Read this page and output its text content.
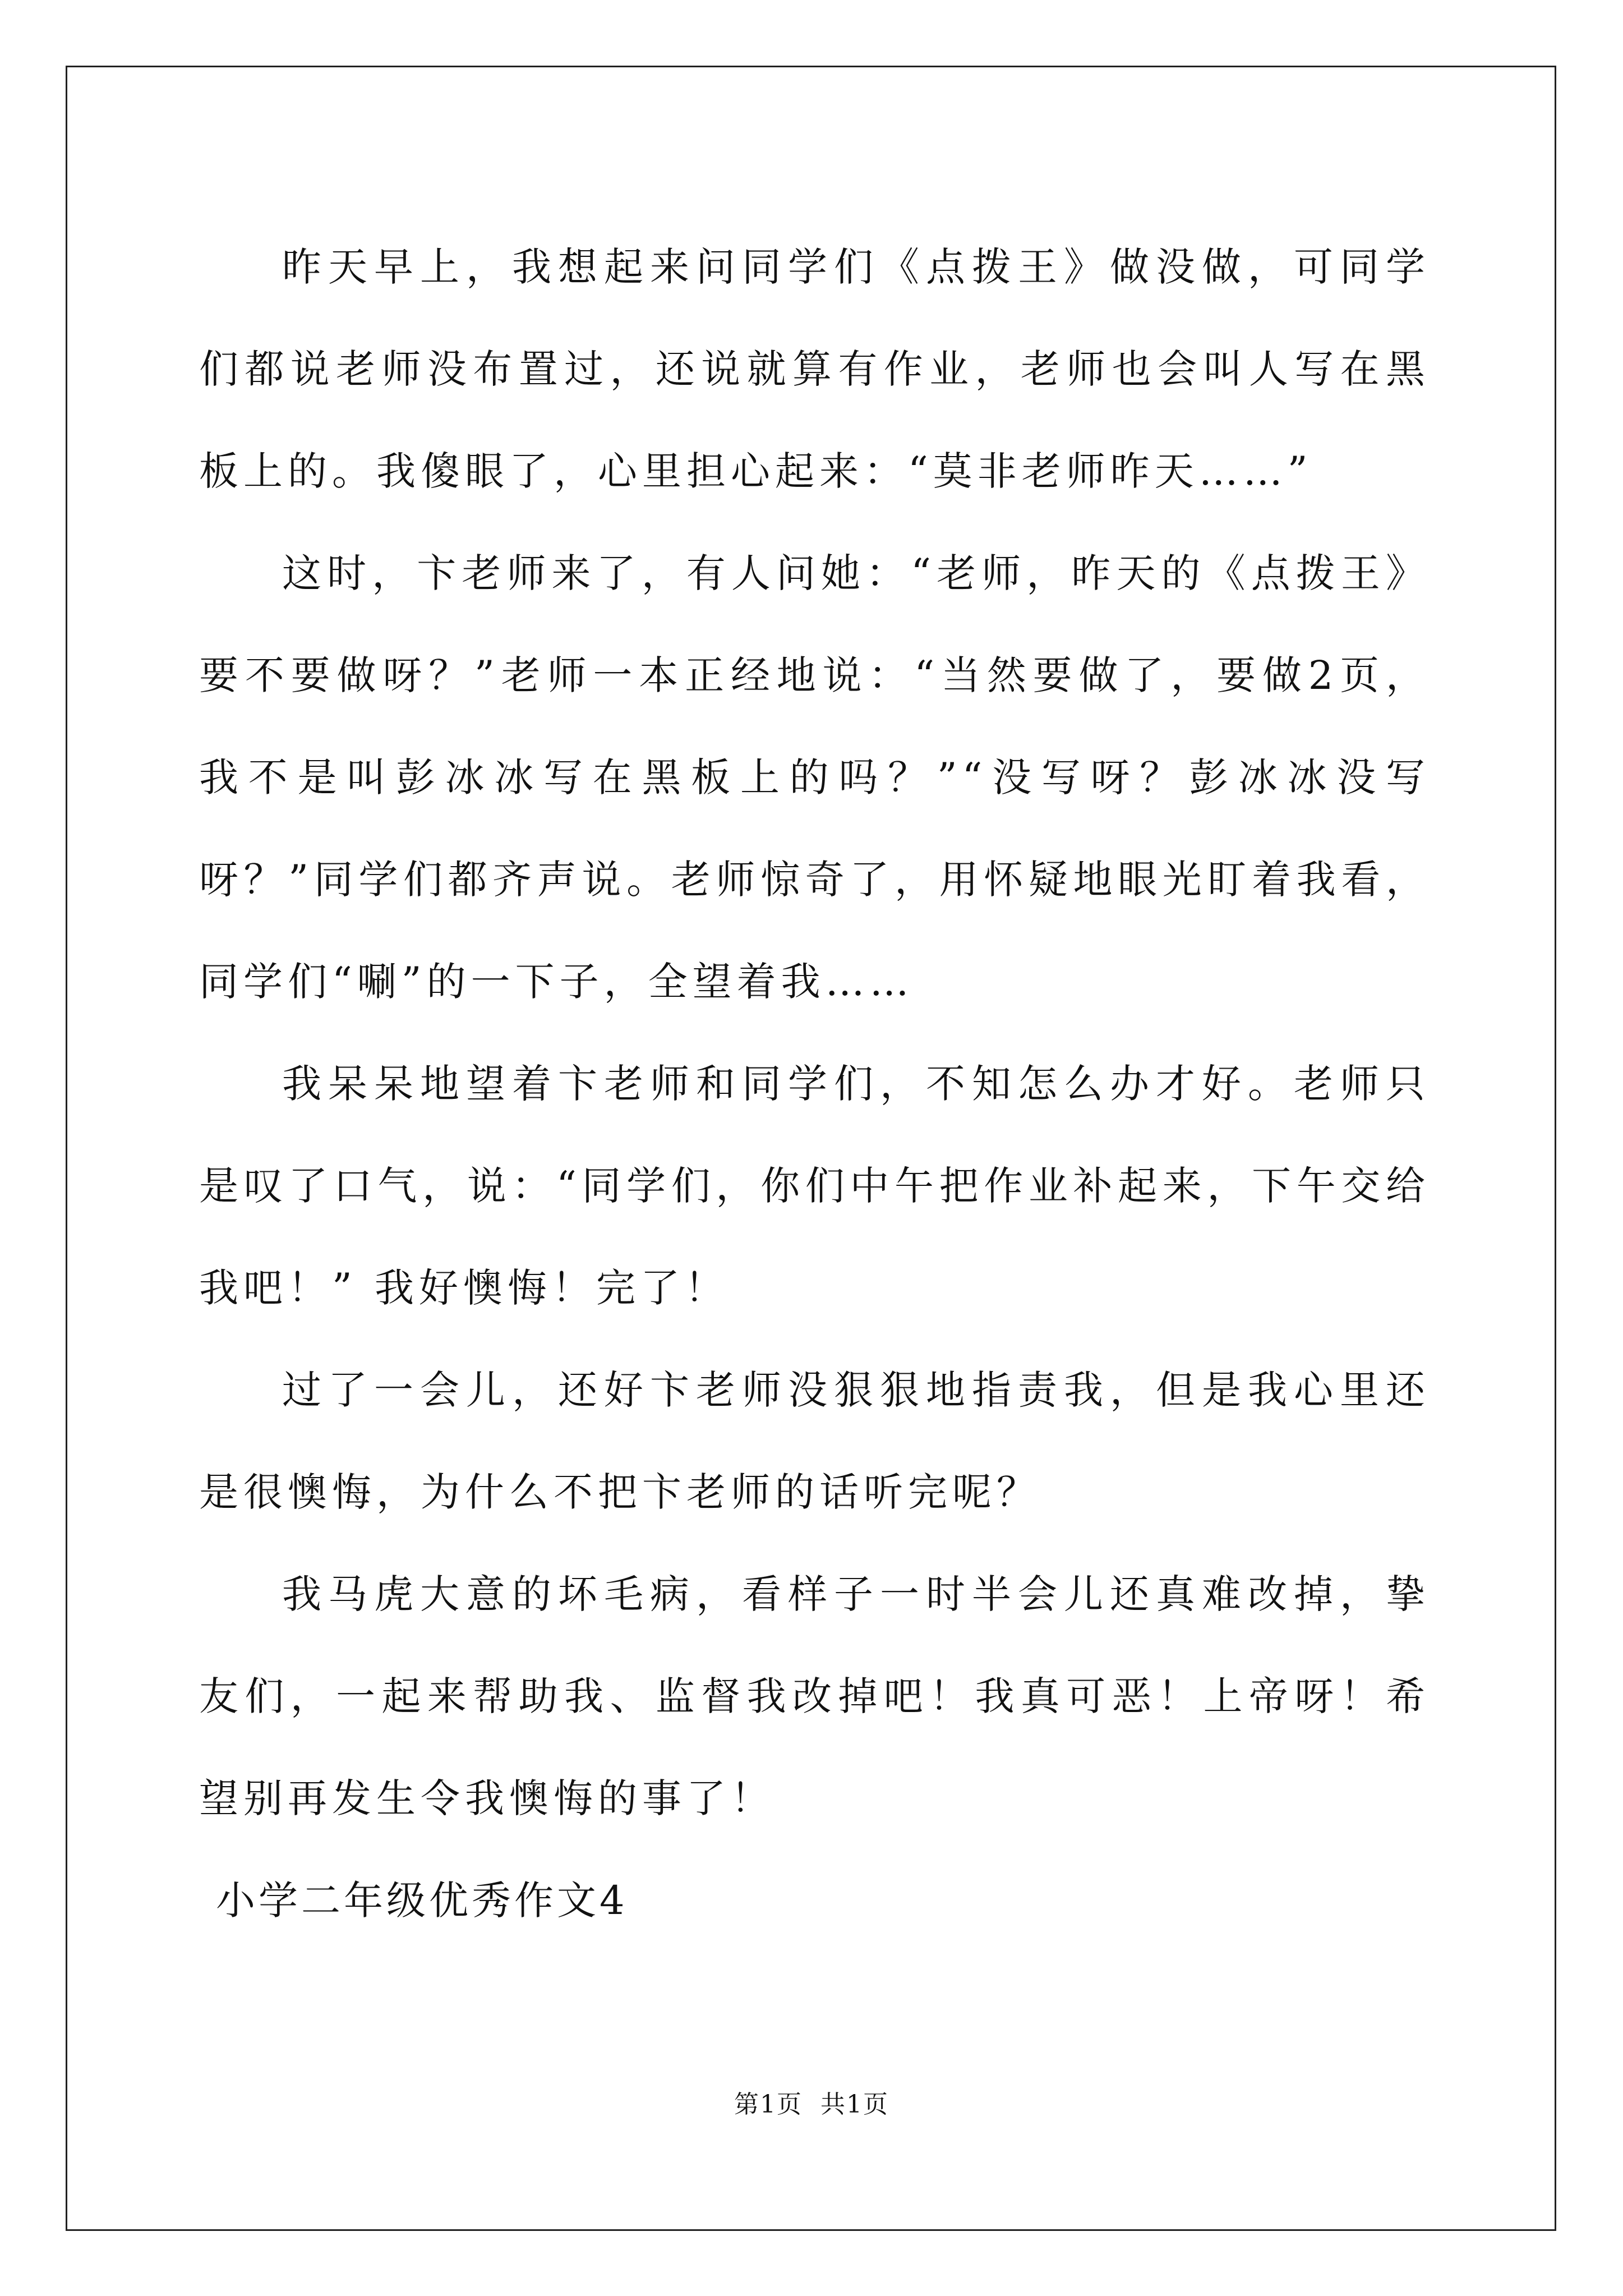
昨天早上，我想起来问同学们《点拨王》做没做，可同学们都说老师没布置过，还说就算有作业，老师也会叫人写在黑板上的。我傻眼了，心里担心起来：“莫非老师昨天……”

这时，卞老师来了，有人问她：“老师，昨天的《点拨王》要不要做呀？”老师一本正经地说：“当然要做了，要做2页，我不是叫彭冰冰写在黑板上的吗？”“没写呀？彭冰冰没写呀？”同学们都齐声说。老师惊奇了，用怀疑地眼光盯着我看，同学们“唰”的一下子，全望着我……

我呆呆地望着卞老师和同学们，不知怎么办才好。老师只是叹了口气，说：“同学们，你们中午把作业补起来，下午交给我吧！” 我好懊悔！完了！

过了一会儿，还好卞老师没狠狠地指责我，但是我心里还是很懊悔，为什么不把卞老师的话听完呢？

我马虎大意的坏毛病，看样子一时半会儿还真难改掉，挚友们，一起来帮助我、监督我改掉吧！我真可恶！上帝呀！希望别再发生令我懊悔的事了！

小学二年级优秀作文4

第1页 共1页
